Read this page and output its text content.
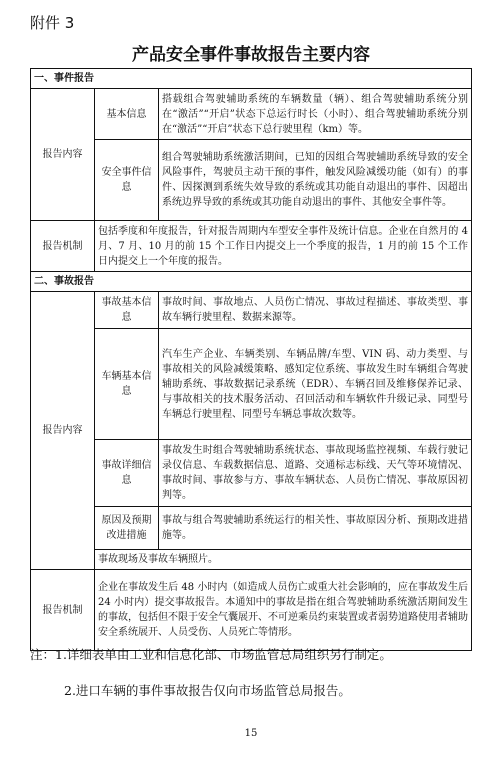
附件 3
产品安全事件事故报告主要内容
一、事件报告		
报告内容	基本信息	搭载组合驾驶辅助系统的车辆数量（辆）、组合驾驶辅助系统分别在“激活”“开启”状态下总运行时长（小时）、组合驾驶辅助系统分别在“激活”“开启”状态下总行驶里程（km）等。
	安全事件信息	组合驾驶辅助系统激活期间，已知的因组合驾驶辅助系统导致的安全风险事件，驾驶员主动干预的事件，触发风险减缓功能（如有）的事件、因探测到系统失效导致的系统或其功能自动退出的事件、因超出系统边界导致的系统或其功能自动退出的事件、其他安全事件等。
报告机制	包括季度和年度报告，针对报告周期内车型安全事件及统计信息。企业在自然月的 4 月、7 月、10 月的前 15 个工作日内提交上一个季度的报告，1 月的前 15 个工作日内提交上一个年度的报告。	
二、事故报告		
报告内容	事故基本信息	事故时间、事故地点、人员伤亡情况、事故过程描述、事故类型、事故车辆行驶里程、数据来源等。
	车辆基本信息	汽车生产企业、车辆类别、车辆品牌/车型、VIN 码、动力类型、与事故相关的风险减缓策略、感知定位系统、事故发生时车辆组合驾驶辅助系统、事故数据记录系统（EDR）、车辆召回及维修保养记录、与事故相关的技术服务活动、召回活动和车辆软件升级记录、同型号车辆总行驶里程、同型号车辆总事故次数等。
	事故详细信息	事故发生时组合驾驶辅助系统状态、事故现场监控视频、车载行驶记录仪信息、车载数据信息、道路、交通标志标线、天气等环境情况、事故时间、事故参与方、事故车辆状态、人员伤亡情况、事故原因初判等。
	原因及预期改进措施	事故与组合驾驶辅助系统运行的相关性、事故原因分析、预期改进措施等。
	事故现场及事故车辆照片。	
报告机制	企业在事故发生后 48 小时内（如造成人员伤亡或重大社会影响的，应在事故发生后 24 小时内）提交事故报告。本通知中的事故是指在组合驾驶辅助系统激活期间发生的事故，包括但不限于安全气囊展开、不可逆乘员约束装置或者弱势道路使用者辅助安全系统展开、人员受伤、人员死亡等情形。	
注：1.详细表单由工业和信息化部、市场监管总局组织另行制定。
2.进口车辆的事件事故报告仅向市场监管总局报告。
15
